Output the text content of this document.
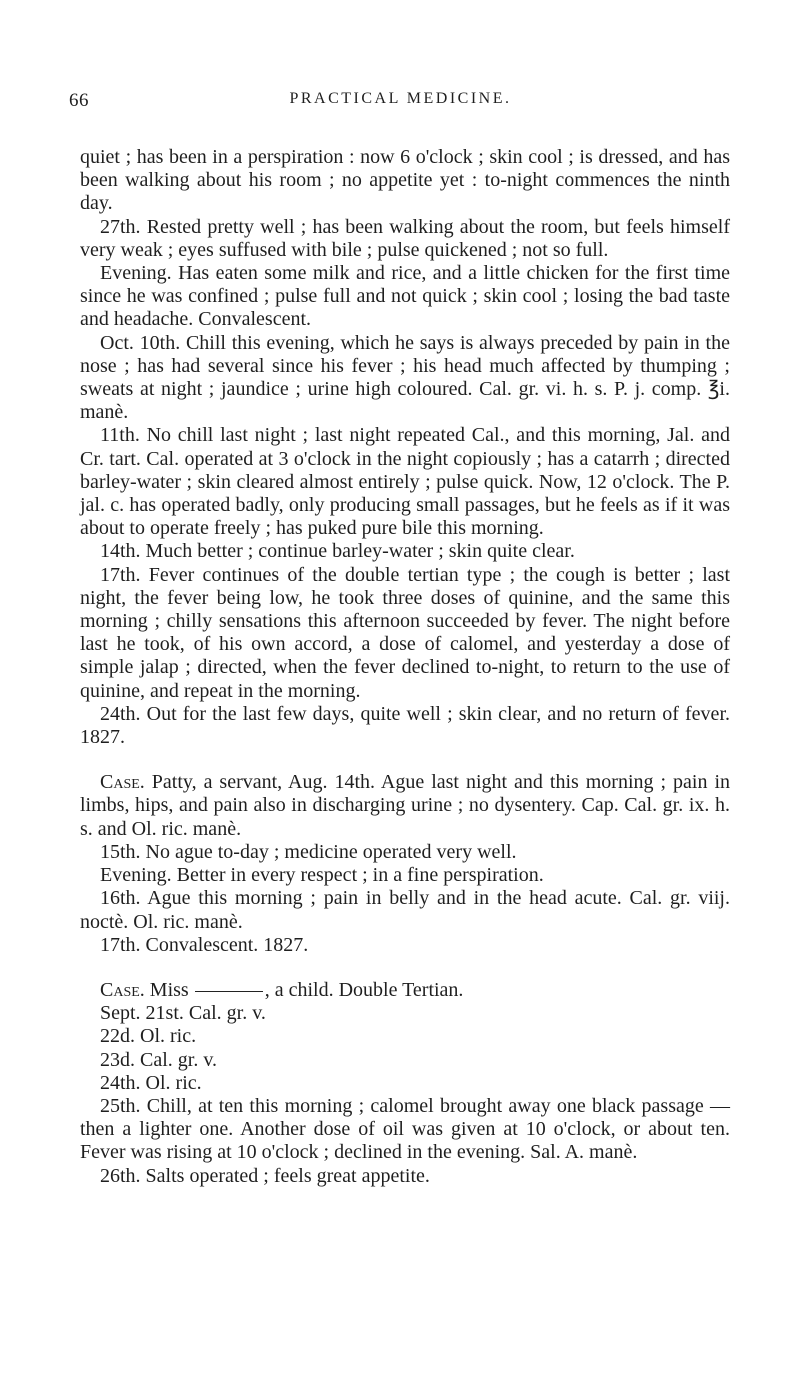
66	PRACTICAL MEDICINE.

quiet ; has been in a perspiration : now 6 o'clock ; skin cool ; is dressed, and has been walking about his room ; no appetite yet : to-night commences the ninth day.

27th. Rested pretty well ; has been walking about the room, but feels himself very weak ; eyes suffused with bile ; pulse quickened ; not so full.

Evening. Has eaten some milk and rice, and a little chicken for the first time since he was confined ; pulse full and not quick ; skin cool ; losing the bad taste and headache. Convalescent.

Oct. 10th. Chill this evening, which he says is always preceded by pain in the nose ; has had several since his fever ; his head much affected by thumping ; sweats at night ; jaundice ; urine high coloured. Cal. gr. vi. h. s. P. j. comp. ℥i. manè.

11th. No chill last night ; last night repeated Cal., and this morning, Jal. and Cr. tart. Cal. operated at 3 o'clock in the night copiously ; has a catarrh ; directed barley-water ; skin cleared almost entirely ; pulse quick. Now, 12 o'clock. The P. jal. c. has operated badly, only producing small passages, but he feels as if it was about to operate freely ; has puked pure bile this morning.

14th. Much better ; continue barley-water ; skin quite clear.

17th. Fever continues of the double tertian type ; the cough is better ; last night, the fever being low, he took three doses of quinine, and the same this morning ; chilly sensations this afternoon succeeded by fever. The night before last he took, of his own accord, a dose of calomel, and yesterday a dose of simple jalap ; directed, when the fever declined to-night, to return to the use of quinine, and repeat in the morning.

24th. Out for the last few days, quite well ; skin clear, and no return of fever. 1827.

Case. Patty, a servant, Aug. 14th. Ague last night and this morning ; pain in limbs, hips, and pain also in discharging urine ; no dysentery. Cap. Cal. gr. ix. h. s. and Ol. ric. manè.

15th. No ague to-day ; medicine operated very well.

Evening. Better in every respect ; in a fine perspiration.

16th. Ague this morning ; pain in belly and in the head acute. Cal. gr. viij. noctè. Ol. ric. manè.

17th. Convalescent. 1827.

Case. Miss	, a child. Double Tertian.

Sept. 21st. Cal. gr. v.

22d. Ol. ric.

23d. Cal. gr. v.

24th. Ol. ric.

25th. Chill, at ten this morning ; calomel brought away one black passage — then a lighter one. Another dose of oil was given at 10 o'clock, or about ten. Fever was rising at 10 o'clock ; declined in the evening. Sal. A. manè.

26th. Salts operated ; feels great appetite.
